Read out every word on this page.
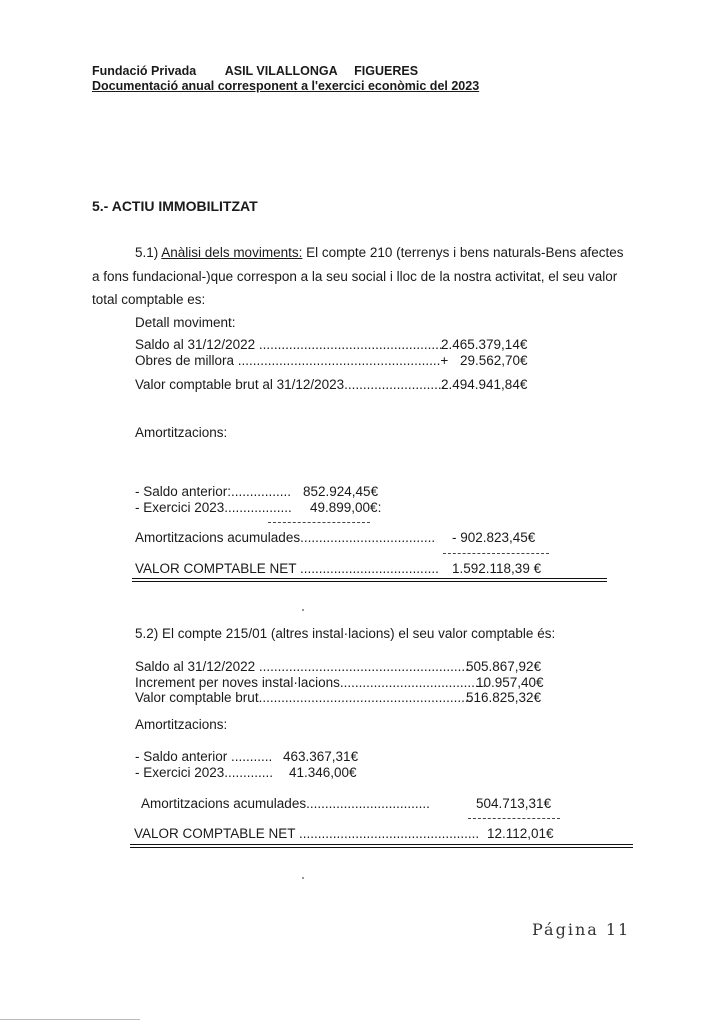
Fundació Privada ASIL VILALLONGA FIGUERES
Documentació anual corresponent a l'exercici econòmic del 2023
5.- ACTIU IMMOBILITZAT
5.1) Anàlisi dels moviments: El compte 210 (terrenys i bens naturals-Bens afectes
a fons fundacional-)que correspon a la seu social i lloc de la nostra activitat, el seu valor
total comptable es:
Detall moviment:
Saldo al 31/12/2022 .................................................
2.465.379,14€
Obres de millora ......................................................+ 29.562,70€
Valor comptable brut al 31/12/2023...........................
2.494.941,84€
Amortitzacions:
- Saldo anterior:................ 852.924,45€
- Exercici 2023.................. 49.899,00€:
Amortitzacions acumulades.................................... - 902.823,45€
VALOR COMPTABLE NET ..................................... 1.592.118,39 €
5.2) El compte 215/01 (altres instal·lacions) el seu valor comptable és:
Saldo al 31/12/2022 ........................................................
505.867,92€
Increment per noves instal·lacions.......................................
10.957,40€
Valor comptable brut.........................................................
516.825,32€
Amortitzacions:
- Saldo anterior ........... 463.367,31€
- Exercici 2023............. 41.346,00€
Amortitzacions acumulades.................................	504.713,31€
VALOR COMPTABLE NET ................................................ 12.112,01€
Página 11
